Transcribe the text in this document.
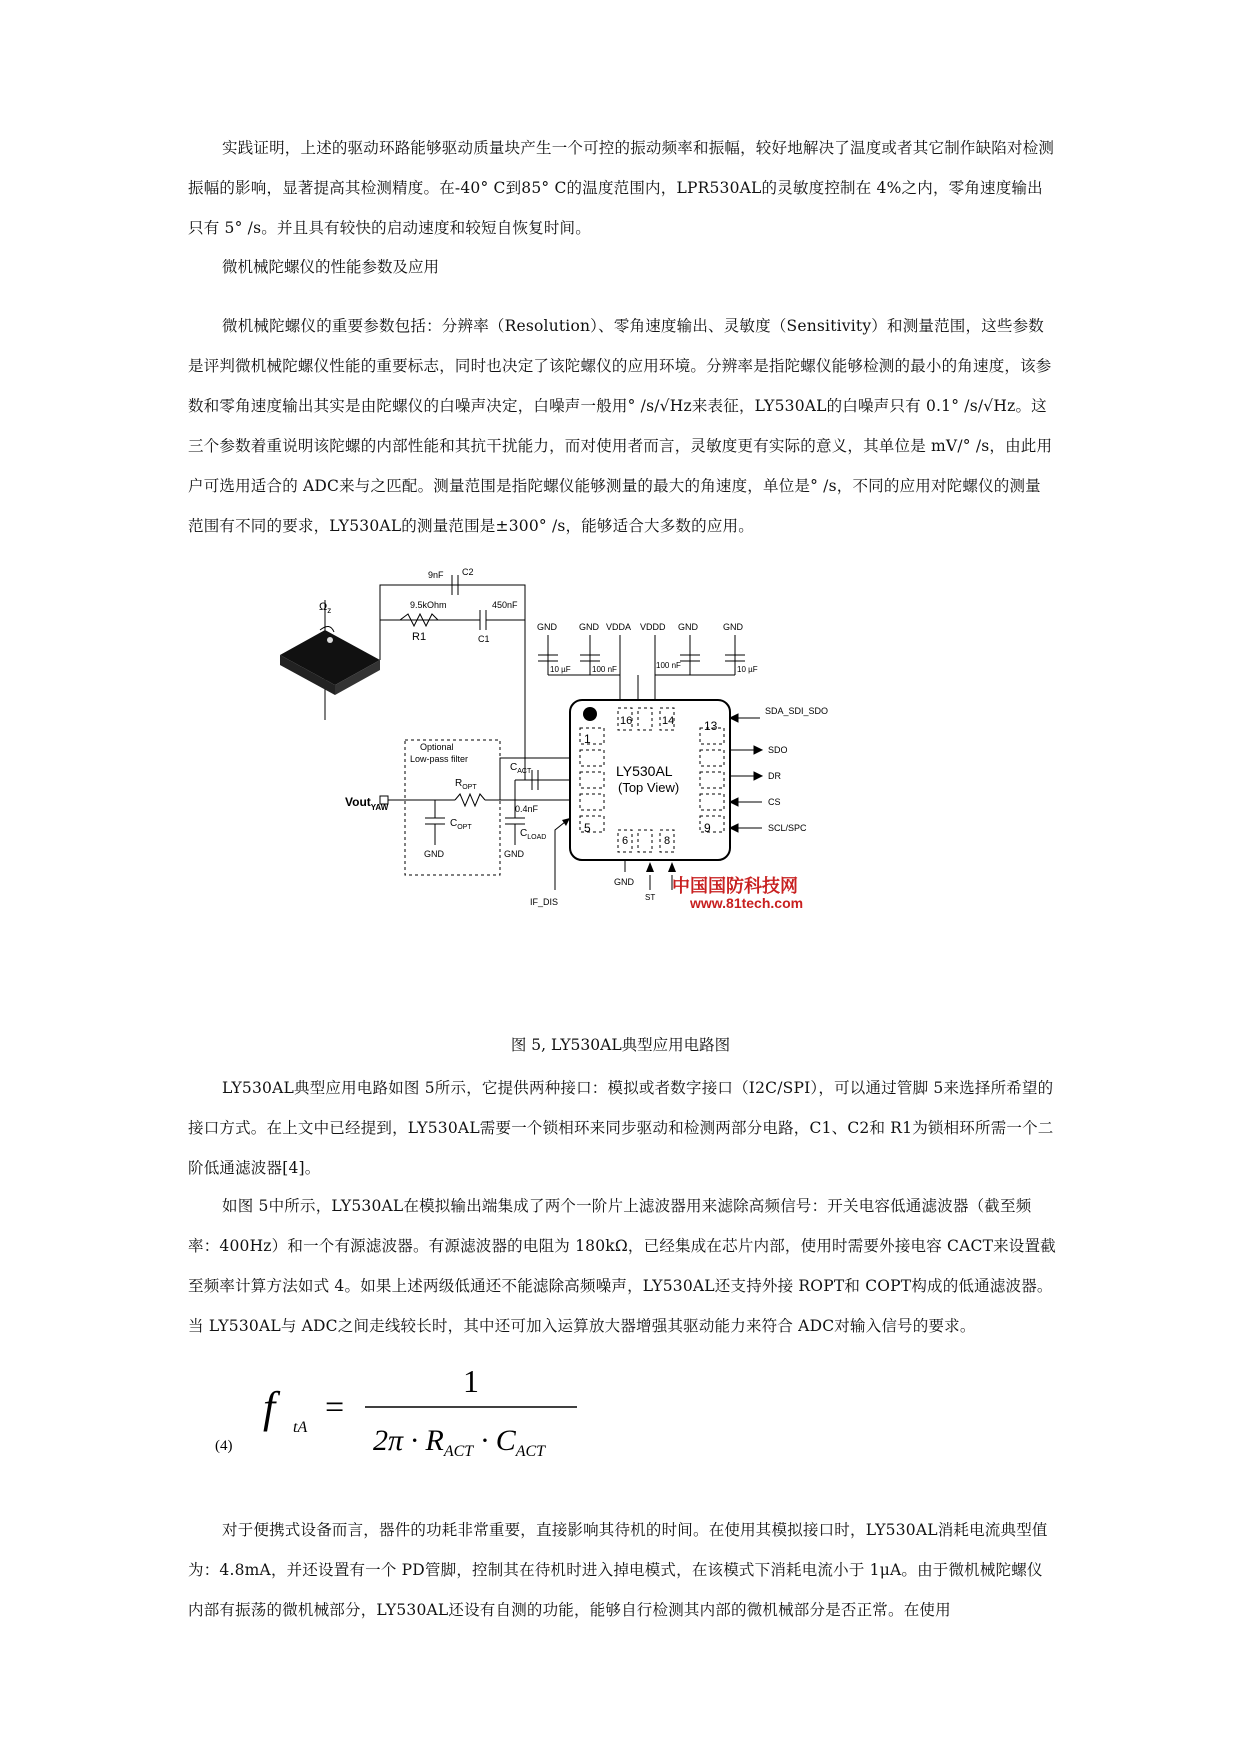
实践证明，上述的驱动环路能够驱动质量块产生一个可控的振动频率和振幅，较好地解决了温度或者其它制作缺陷对检测振幅的影响，显著提高其检测精度。在-40° C到85° C的温度范围内，LPR530AL的灵敏度控制在 4%之内，零角速度输出只有 5° /s。并且具有较快的启动速度和较短自恢复时间。

微机械陀螺仪的性能参数及应用

微机械陀螺仪的重要参数包括：分辨率（Resolution）、零角速度输出、灵敏度（Sensitivity）和测量范围，这些参数是评判微机械陀螺仪性能的重要标志，同时也决定了该陀螺仪的应用环境。分辨率是指陀螺仪能够检测的最小的角速度，该参数和零角速度输出其实是由陀螺仪的白噪声决定，白噪声一般用° /s/√Hz来表征，LY530AL的白噪声只有 0.1° /s/√Hz。这三个参数着重说明该陀螺的内部性能和其抗干扰能力，而对使用者而言，灵敏度更有实际的意义，其单位是 mV/° /s，由此用户可选用适合的 ADC来与之匹配。测量范围是指陀螺仪能够测量的最大的角速度，单位是° /s，不同的应用对陀螺仪的测量范围有不同的要求，LY530AL的测量范围是±300° /s，能够适合大多数的应用。

$\Omega_z$
9nF C2
9.5kOhm
R1
450nF
C1
GND GND VDDA VDDD GND	GND
10 µF	100 nF	100 nF	10 µF
1
16	14 13
5
6	8
9
LY530AL
(Top View)
SDA_SDI_SDO
SDO
DR
CS
SCL/SPC
Optional
Low-pass filter
$R_{OPT}$
$C_{OPT}$
$C_{ACT}$
0.4nF
$C_{LOAD}$
Vout$_{YAW}$
GND	GND
GND
IF_DIS	ST
中国国防科技网
www.81tech.com

图 5, LY530AL典型应用电路图

LY530AL典型应用电路如图 5所示，它提供两种接口：模拟或者数字接口（I2C/SPI），可以通过管脚 5来选择所希望的接口方式。在上文中已经提到，LY530AL需要一个锁相环来同步驱动和检测两部分电路，C1、C2和 R1为锁相环所需一个二阶低通滤波器[4]。

如图 5中所示，LY530AL在模拟输出端集成了两个一阶片上滤波器用来滤除高频信号：开关电容低通滤波器（截至频率：400Hz）和一个有源滤波器。有源滤波器的电阻为 180kΩ，已经集成在芯片内部，使用时需要外接电容 CACT来设置截至频率计算方法如式 4。如果上述两级低通还不能滤除高频噪声，LY530AL还支持外接 ROPT和 COPT构成的低通滤波器。当 LY530AL与 ADC之间走线较长时，其中还可加入运算放大器增强其驱动能力来符合 ADC对输入信号的要求。

(4)
f	tA
=
1
$2\pi \cdot R_{ACT} \cdot C_{ACT}$

对于便携式设备而言，器件的功耗非常重要，直接影响其待机的时间。在使用其模拟接口时，LY530AL消耗电流典型值为：4.8mA，并还设置有一个 PD管脚，控制其在待机时进入掉电模式，在该模式下消耗电流小于 1μA。由于微机械陀螺仪内部有振荡的微机械部分，LY530AL还设有自测的功能，能够自行检测其内部的微机械部分是否正常。在使用
